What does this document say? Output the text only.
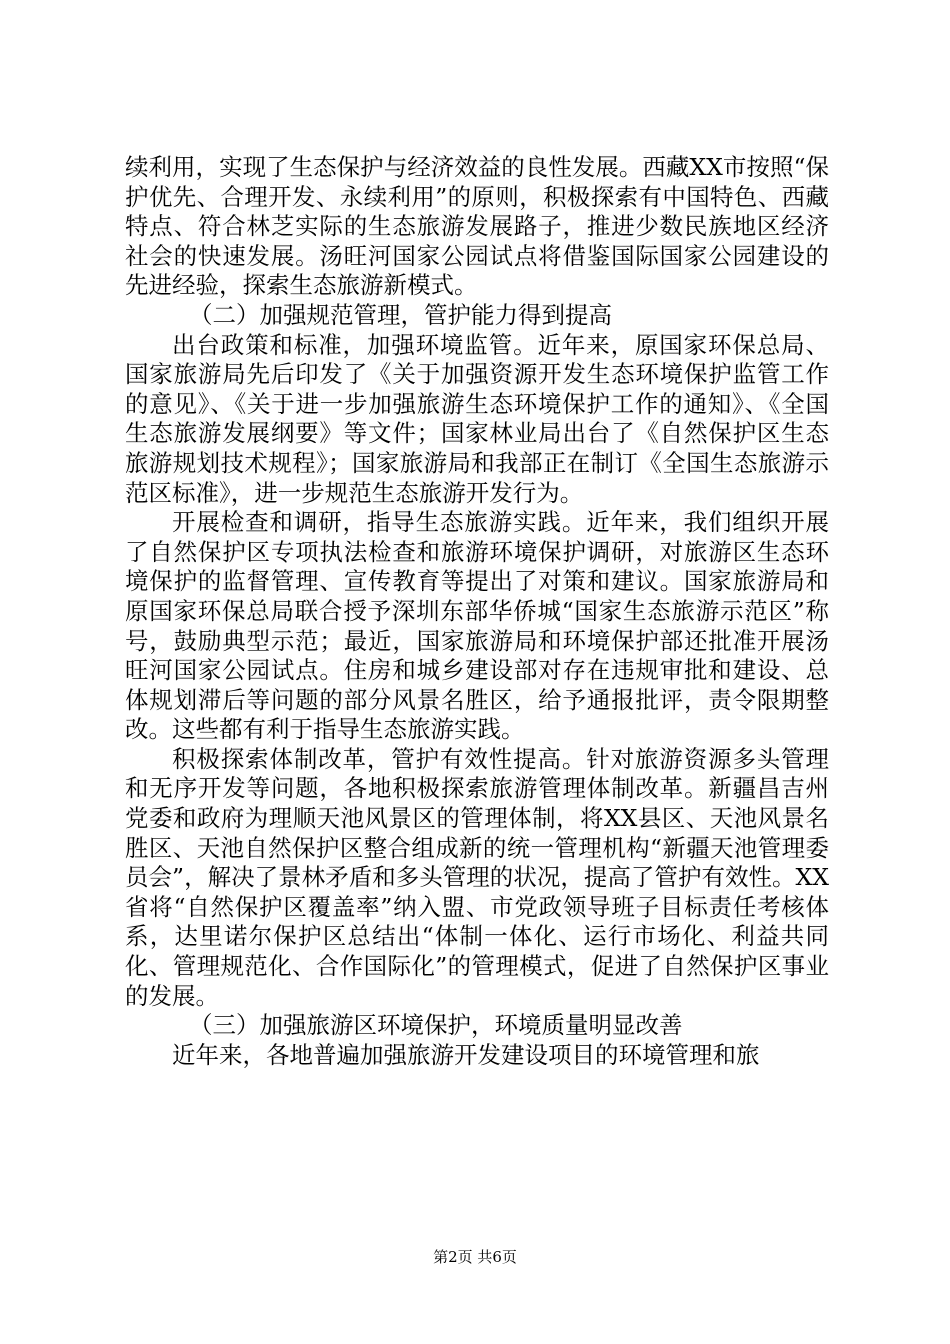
续利用，实现了生态保护与经济效益的良性发展。西藏XX市按照“保护优先、合理开发、永续利用”的原则，积极探索有中国特色、西藏特点、符合林芝实际的生态旅游发展路子，推进少数民族地区经济社会的快速发展。汤旺河国家公园试点将借鉴国际国家公园建设的先进经验，探索生态旅游新模式。

（二）加强规范管理，管护能力得到提高

出台政策和标准，加强环境监管。近年来，原国家环保总局、国家旅游局先后印发了《关于加强资源开发生态环境保护监管工作的意见》、《关于进一步加强旅游生态环境保护工作的通知》、《全国生态旅游发展纲要》等文件；国家林业局出台了《自然保护区生态旅游规划技术规程》；国家旅游局和我部正在制订《全国生态旅游示范区标准》，进一步规范生态旅游开发行为。

开展检查和调研，指导生态旅游实践。近年来，我们组织开展了自然保护区专项执法检查和旅游环境保护调研，对旅游区生态环境保护的监督管理、宣传教育等提出了对策和建议。国家旅游局和原国家环保总局联合授予深圳东部华侨城“国家生态旅游示范区”称号，鼓励典型示范；最近，国家旅游局和环境保护部还批准开展汤旺河国家公园试点。住房和城乡建设部对存在违规审批和建设、总体规划滞后等问题的部分风景名胜区，给予通报批评，责令限期整改。这些都有利于指导生态旅游实践。

积极探索体制改革，管护有效性提高。针对旅游资源多头管理和无序开发等问题，各地积极探索旅游管理体制改革。新疆昌吉州党委和政府为理顺天池风景区的管理体制，将XX县区、天池风景名胜区、天池自然保护区整合组成新的统一管理机构“新疆天池管理委员会”，解决了景林矛盾和多头管理的状况，提高了管护有效性。XX省将“自然保护区覆盖率”纳入盟、市党政领导班子目标责任考核体系，达里诺尔保护区总结出“体制一体化、运行市场化、利益共同化、管理规范化、合作国际化”的管理模式，促进了自然保护区事业的发展。

（三）加强旅游区环境保护，环境质量明显改善

近年来，各地普遍加强旅游开发建设项目的环境管理和旅

第2页 共6页
